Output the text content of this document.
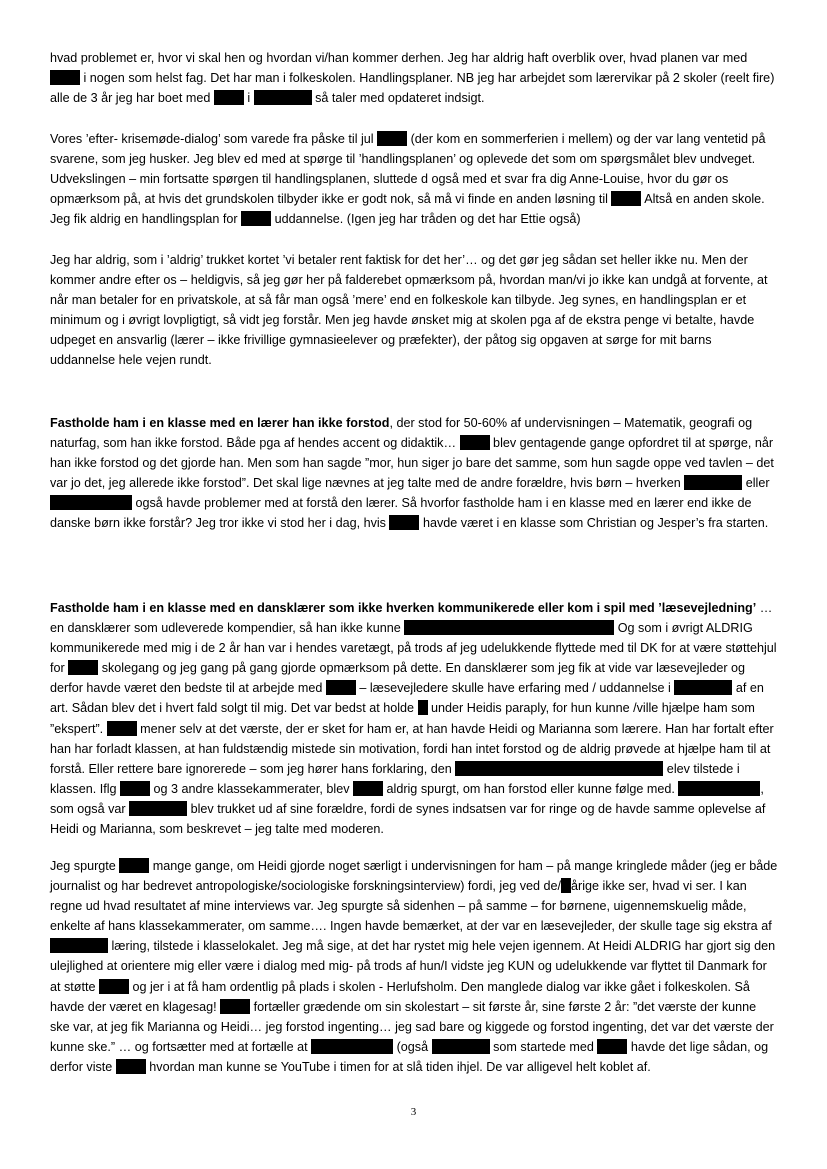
hvad problemet er, hvor vi skal hen og hvordan vi/han kommer derhen. Jeg har aldrig haft overblik over, hvad planen var med  i nogen som helst fag. Det har man i folkeskolen. Handlingsplaner. NB jeg har arbejdet som lærervikar på 2 skoler (reelt fire) alle de 3 år jeg har boet med  i	så taler med opdateret indsigt.

Vores ’efter- krisemøde-dialog’ som varede fra påske til jul  (der kom en sommerferien i mellem) og der var lang ventetid på svarene, som jeg husker. Jeg blev ed med at spørge til ’handlingsplanen’ og oplevede det som om spørgsmålet blev undveget. Udvekslingen – min fortsatte spørgen til handlingsplanen, sluttede d også med et svar fra dig Anne-Louise, hvor du gør os opmærksom på, at hvis det grundskolen tilbyder ikke er godt nok, så må vi finde en anden løsning til  Altså en anden skole. Jeg fik aldrig en handlingsplan for  uddannelse. (Igen jeg har tråden og det har Ettie også)

Jeg har aldrig, som i ’aldrig’ trukket kortet ’vi betaler rent faktisk for det her’… og det gør jeg sådan set heller ikke nu. Men der kommer andre efter os – heldigvis, så jeg gør her på falderebet opmærksom på, hvordan man/vi jo ikke kan undgå at forvente, at når man betaler for en privatskole, at så får man også ’mere’ end en folkeskole kan tilbyde. Jeg synes, en handlingsplan er et minimum og i øvrigt lovpligtigt, så vidt jeg forstår. Men jeg havde ønsket mig at skolen pga af de ekstra penge vi betalte, havde udpeget en ansvarlig (lærer – ikke frivillige gymnasieelever og præfekter), der påtog sig opgaven at sørge for mit barns uddannelse hele vejen rundt.

Fastholde ham i en klasse med en lærer han ikke forstod, der stod for 50-60% af undervisningen – Matematik, geografi og naturfag, som han ikke forstod. Både pga af hendes accent og didaktik…  blev gentagende gange opfordret til at spørge, når han ikke forstod og det gjorde han. Men som han sagde ”mor, hun siger jo bare det samme, som hun sagde oppe ved tavlen – det var jo det, jeg allerede ikke forstod”. Det skal lige nævnes at jeg talte med de andre forældre, hvis børn – hverken	eller  også havde problemer med at forstå den lærer. Så hvorfor fastholde ham i en klasse med en lærer end ikke de danske børn ikke forstår? Jeg tror ikke vi stod her i dag, hvis  havde været i en klasse som Christian og Jesper’s fra starten.

Fastholde ham i en klasse med en dansklærer som ikke hverken kommunikerede eller kom i spil med ’læsevejledning’ … en dansklærer som udleverede kompendier, så han ikke kunne	Og som i øvrigt ALDRIG kommunikerede med mig i de 2 år han var i hendes varetægt, på trods af jeg udelukkende flyttede med til DK for at være støttehjul for  skolegang og jeg gang på gang gjorde opmærksom på dette. En dansklærer som jeg fik at vide var læsevejleder og derfor havde været den bedste til at arbejde med  – læsevejledere skulle have erfaring med / uddannelse i	af en art. Sådan blev det i hvert fald solgt til mig. Det var bedst at holde  under Heidis paraply, for hun kunne /ville hjælpe ham som ”ekspert”.  mener selv at det værste, der er sket for ham er, at han havde Heidi og Marianna som lærere. Han har fortalt efter han har forladt klassen, at han fuldstændig mistede sin motivation, fordi han intet forstod og de aldrig prøvede at hjælpe ham til at forstå. Eller rettere bare ignorerede – som jeg hører hans forklaring, den	elev tilstede i klassen. Iflg  og 3 andre klassekammerater, blev  aldrig spurgt, om han forstod eller kunne følge med.	, som også var	blev trukket ud af sine forældre, fordi de synes indsatsen var for ringe og de havde samme oplevelse af Heidi og Marianna, som beskrevet – jeg talte med moderen.

Jeg spurgte  mange gange, om Heidi gjorde noget særligt i undervisningen for ham – på mange kringlede måder (jeg er både journalist og har bedrevet antropologiske/sociologiske forskningsinterview) fordi, jeg ved de/ årige ikke ser, hvad vi ser. I kan regne ud hvad resultatet af mine interviews var. Jeg spurgte så sidenhen – på samme – for børnene, uigennemskuelig måde, enkelte af hans klassekammerater, om samme…. Ingen havde bemærket, at der var en læsevejleder, der skulle tage sig ekstra af  læring, tilstede i klasselokalet. Jeg må sige, at det har rystet mig hele vejen igennem. At Heidi ALDRIG har gjort sig den ulejlighed at orientere mig eller være i dialog med mig- på trods af hun/I vidste jeg KUN og udelukkende var flyttet til Danmark for at støtte  og jer i at få ham ordentlig på plads i skolen - Herlufsholm. Den manglede dialog var ikke gået i folkeskolen. Så havde der været en klagesag!  fortæller grædende om sin skolestart – sit første år, sine første 2 år: ”det værste der kunne ske var, at jeg fik Marianna og Heidi… jeg forstod ingenting… jeg sad bare og kiggede og forstod ingenting, det var det værste der kunne ske.” … og fortsætter med at fortælle at	(også	som startede med  havde det lige sådan, og derfor viste  hvordan man kunne se YouTube i timen for at slå tiden ihjel. De var alligevel helt koblet af.

3
